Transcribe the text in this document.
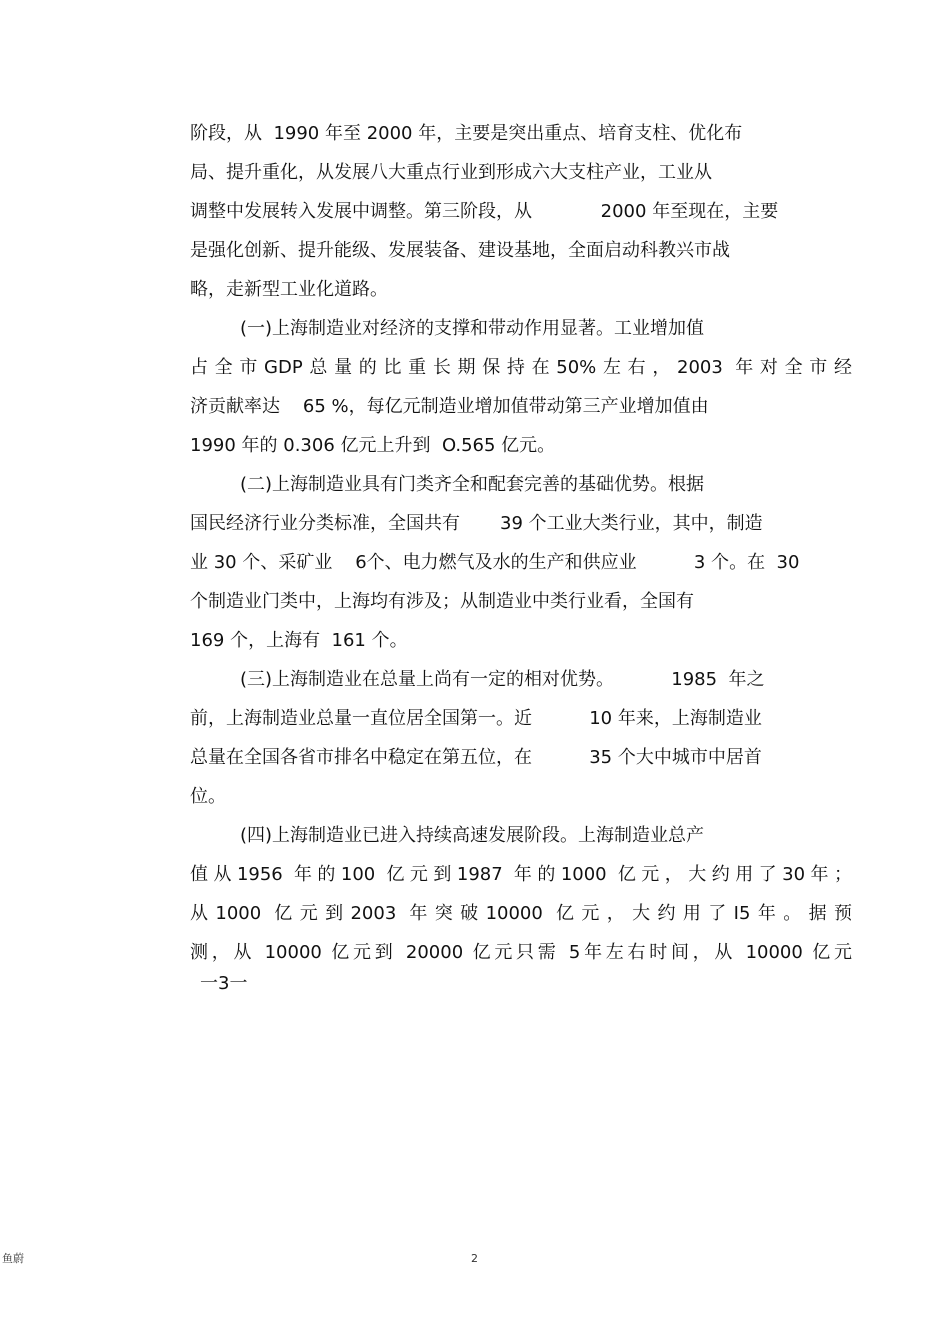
阶段，从  1990 年至 2000 年，主要是突出重点、培育支柱、优化布
局、提升重化，从发展八大重点行业到形成六大支柱产业，工业从
调整中发展转入发展中调整。第三阶段，从            2000 年至现在，主要
是强化创新、提升能级、发展装备、建设基地，全面启动科教兴市战
略，走新型工业化道路。
(一)上海制造业对经济的支撑和带动作用显著。工业增加值
占全市GDP总量的比重长期保持在50%左右，2003 年对全市经
济贡献率达    65 %，每亿元制造业增加值带动第三产业增加值由
1990 年的 0.306 亿元上升到  O.565 亿元。
(二)上海制造业具有门类齐全和配套完善的基础优势。根据
国民经济行业分类标准，全国共有       39 个工业大类行业，其中，制造
业 30 个、采矿业    6个、电力燃气及水的生产和供应业          3 个。在  30
个制造业门类中，上海均有涉及；从制造业中类行业看，全国有
169 个，上海有  161 个。
(三)上海制造业在总量上尚有一定的相对优势。          1985  年之
前，上海制造业总量一直位居全国第一。近          10 年来，上海制造业
总量在全国各省市排名中稳定在第五位，在          35 个大中城市中居首
位。
(四)上海制造业已进入持续高速发展阶段。上海制造业总产
值从1956 年的100 亿元到1987 年的1000 亿元，大约用了30年；
从1000 亿元到2003 年突破10000 亿元，大约用了I5年。据预
测，从 10000 亿元到 20000 亿元只需 5年左右时间，从 10000 亿元
一3一
鱼蔚	2
